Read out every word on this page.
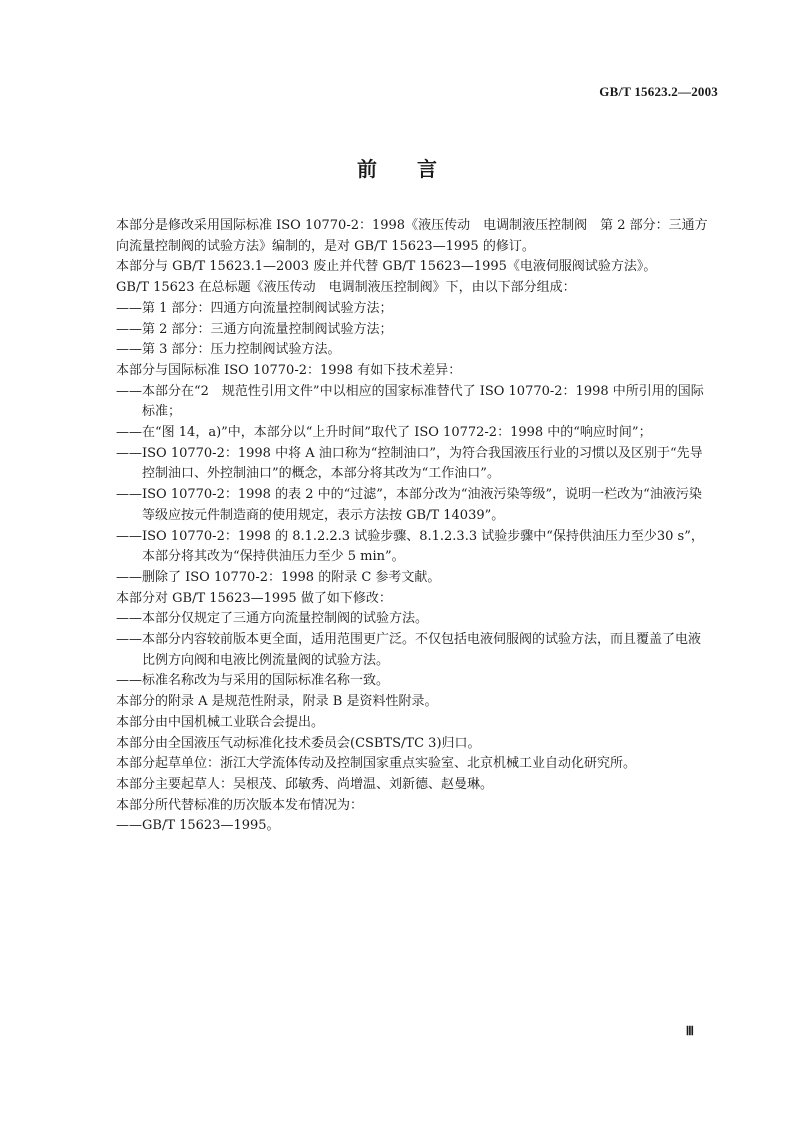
GB/T 15623.2—2003
前 言
本部分是修改采用国际标准 ISO 10770-2：1998《液压传动　电调制液压控制阀　第 2 部分：三通方向流量控制阀的试验方法》编制的，是对 GB/T 15623—1995 的修订。
本部分与 GB/T 15623.1—2003 废止并代替 GB/T 15623—1995《电液伺服阀试验方法》。
GB/T 15623 在总标题《液压传动　电调制液压控制阀》下，由以下部分组成：
—— 第 1 部分：四通方向流量控制阀试验方法；
—— 第 2 部分：三通方向流量控制阀试验方法；
—— 第 3 部分：压力控制阀试验方法。
本部分与国际标准 ISO 10770-2：1998 有如下技术差异：
—— 本部分在“2　规范性引用文件”中以相应的国家标准替代了 ISO 10770-2：1998 中所引用的国际标准；
—— 在“图 14，a)”中，本部分以“上升时间”取代了 ISO 10772-2：1998 中的“响应时间”；
—— ISO 10770-2：1998 中将 A 油口称为“控制油口”，为符合我国液压行业的习惯以及区别于“先导控制油口、外控制油口”的概念，本部分将其改为“工作油口”。
—— ISO 10770-2：1998 的表 2 中的“过滤”，本部分改为“油液污染等级”，说明一栏改为“油液污染等级应按元件制造商的使用规定，表示方法按 GB/T 14039”。
—— ISO 10770-2：1998 的 8.1.2.2.3 试验步骤、8.1.2.3.3 试验步骤中“保持供油压力至少30 s”，本部分将其改为“保持供油压力至少 5 min”。
—— 删除了 ISO 10770-2：1998 的附录 C 参考文献。
本部分对 GB/T 15623—1995 做了如下修改：
—— 本部分仅规定了三通方向流量控制阀的试验方法。
—— 本部分内容较前版本更全面，适用范围更广泛。不仅包括电液伺服阀的试验方法，而且覆盖了电液比例方向阀和电液比例流量阀的试验方法。
—— 标准名称改为与采用的国际标准名称一致。
本部分的附录 A 是规范性附录，附录 B 是资料性附录。
本部分由中国机械工业联合会提出。
本部分由全国液压气动标准化技术委员会(CSBTS/TC 3)归口。
本部分起草单位：浙江大学流体传动及控制国家重点实验室、北京机械工业自动化研究所。
本部分主要起草人：吴根茂、邱敏秀、尚增温、刘新德、赵曼琳。
本部分所代替标准的历次版本发布情况为：
—— GB/T 15623—1995。
Ⅲ
